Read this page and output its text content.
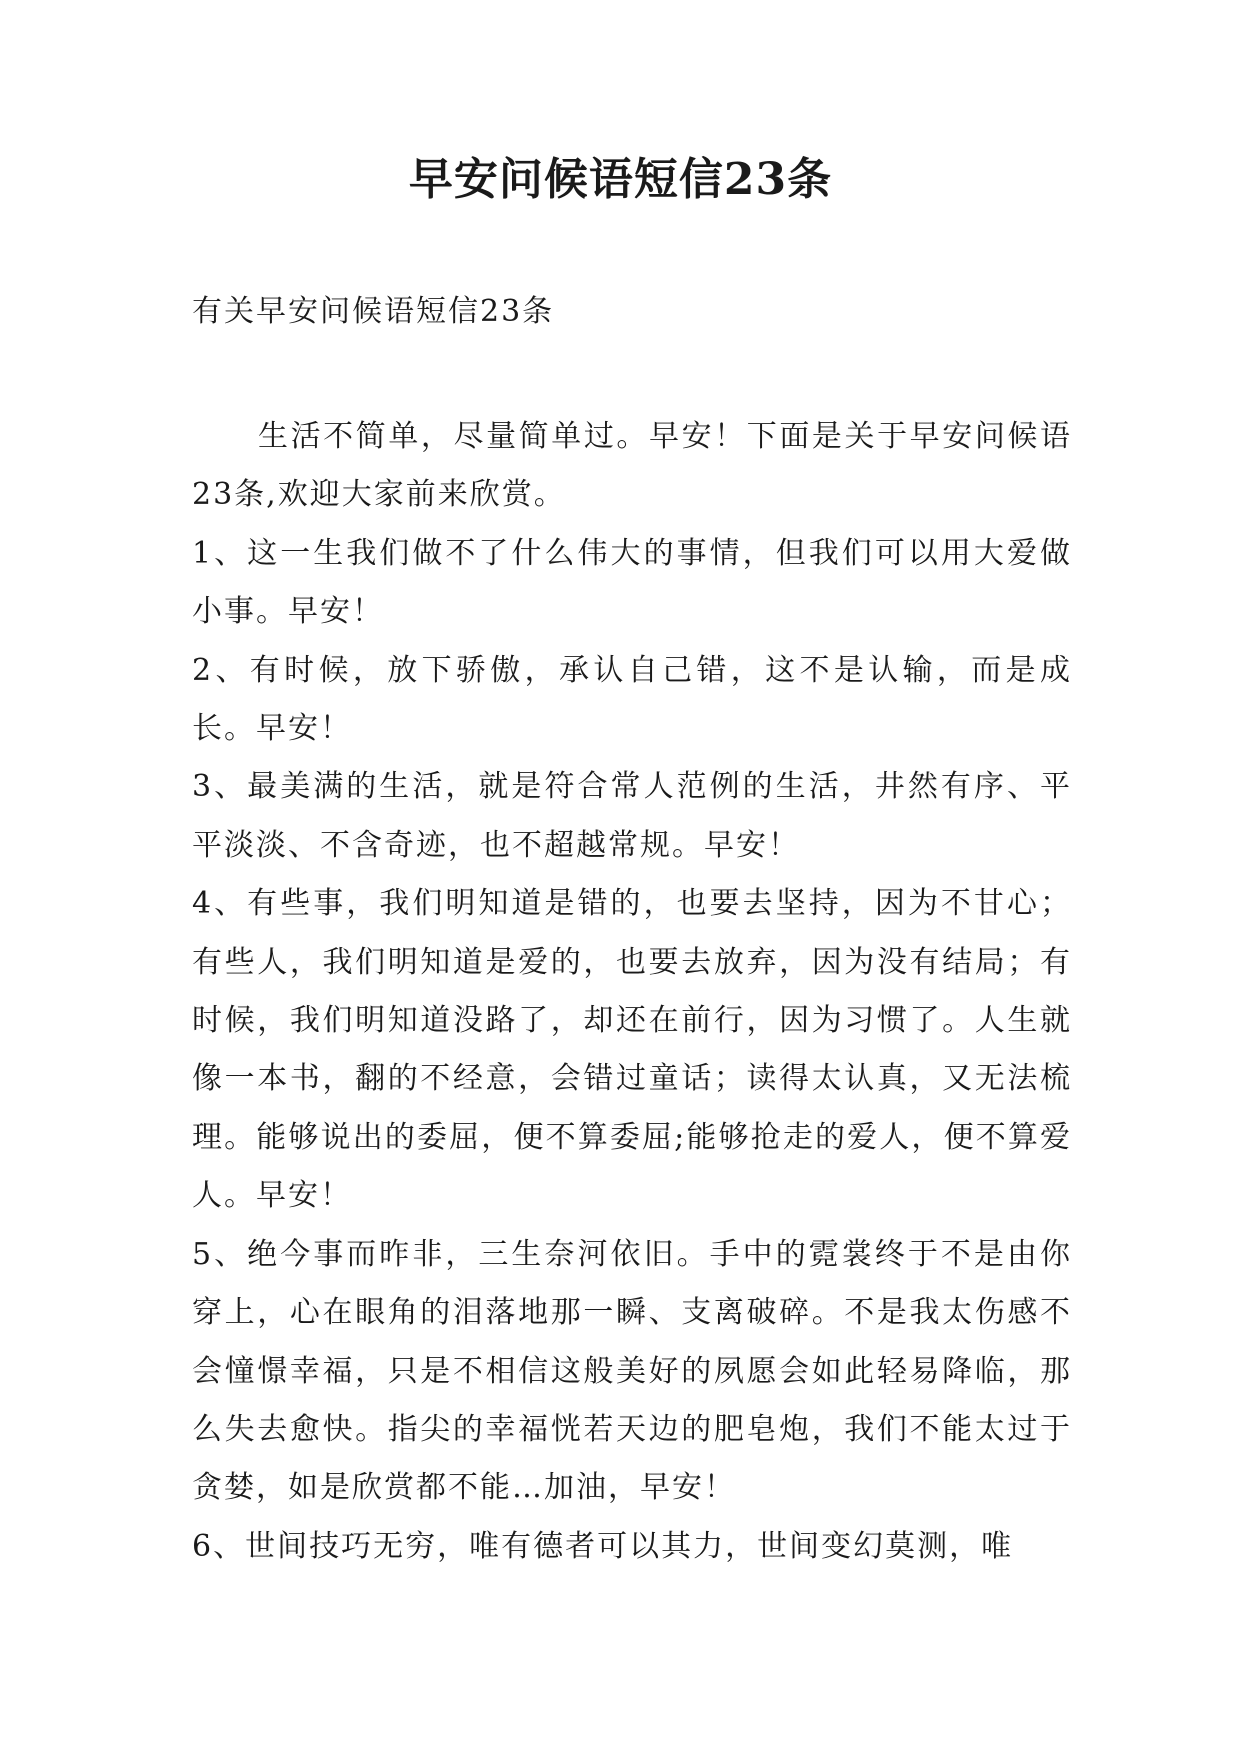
早安问候语短信23条
有关早安问候语短信23条

生活不简单，尽量简单过。早安！下面是关于早安问候语23条,欢迎大家前来欣赏。

1、这一生我们做不了什么伟大的事情，但我们可以用大爱做小事。早安！

2、有时候，放下骄傲，承认自己错，这不是认输，而是成长。早安！

3、最美满的生活，就是符合常人范例的生活，井然有序、平平淡淡、不含奇迹，也不超越常规。早安！

4、有些事，我们明知道是错的，也要去坚持，因为不甘心；有些人，我们明知道是爱的，也要去放弃，因为没有结局；有时候，我们明知道没路了，却还在前行，因为习惯了。人生就像一本书，翻的不经意，会错过童话；读得太认真，又无法梳理。能够说出的委屈，便不算委屈;能够抢走的爱人，便不算爱人。早安！

5、绝今事而昨非，三生奈河依旧。手中的霓裳终于不是由你穿上，心在眼角的泪落地那一瞬、支离破碎。不是我太伤感不会憧憬幸福，只是不相信这般美好的夙愿会如此轻易降临，那么失去愈快。指尖的幸福恍若天边的肥皂炮，我们不能太过于贪婪，如是欣赏都不能…加油，早安！

6、世间技巧无穷，唯有德者可以其力，世间变幻莫测，唯
